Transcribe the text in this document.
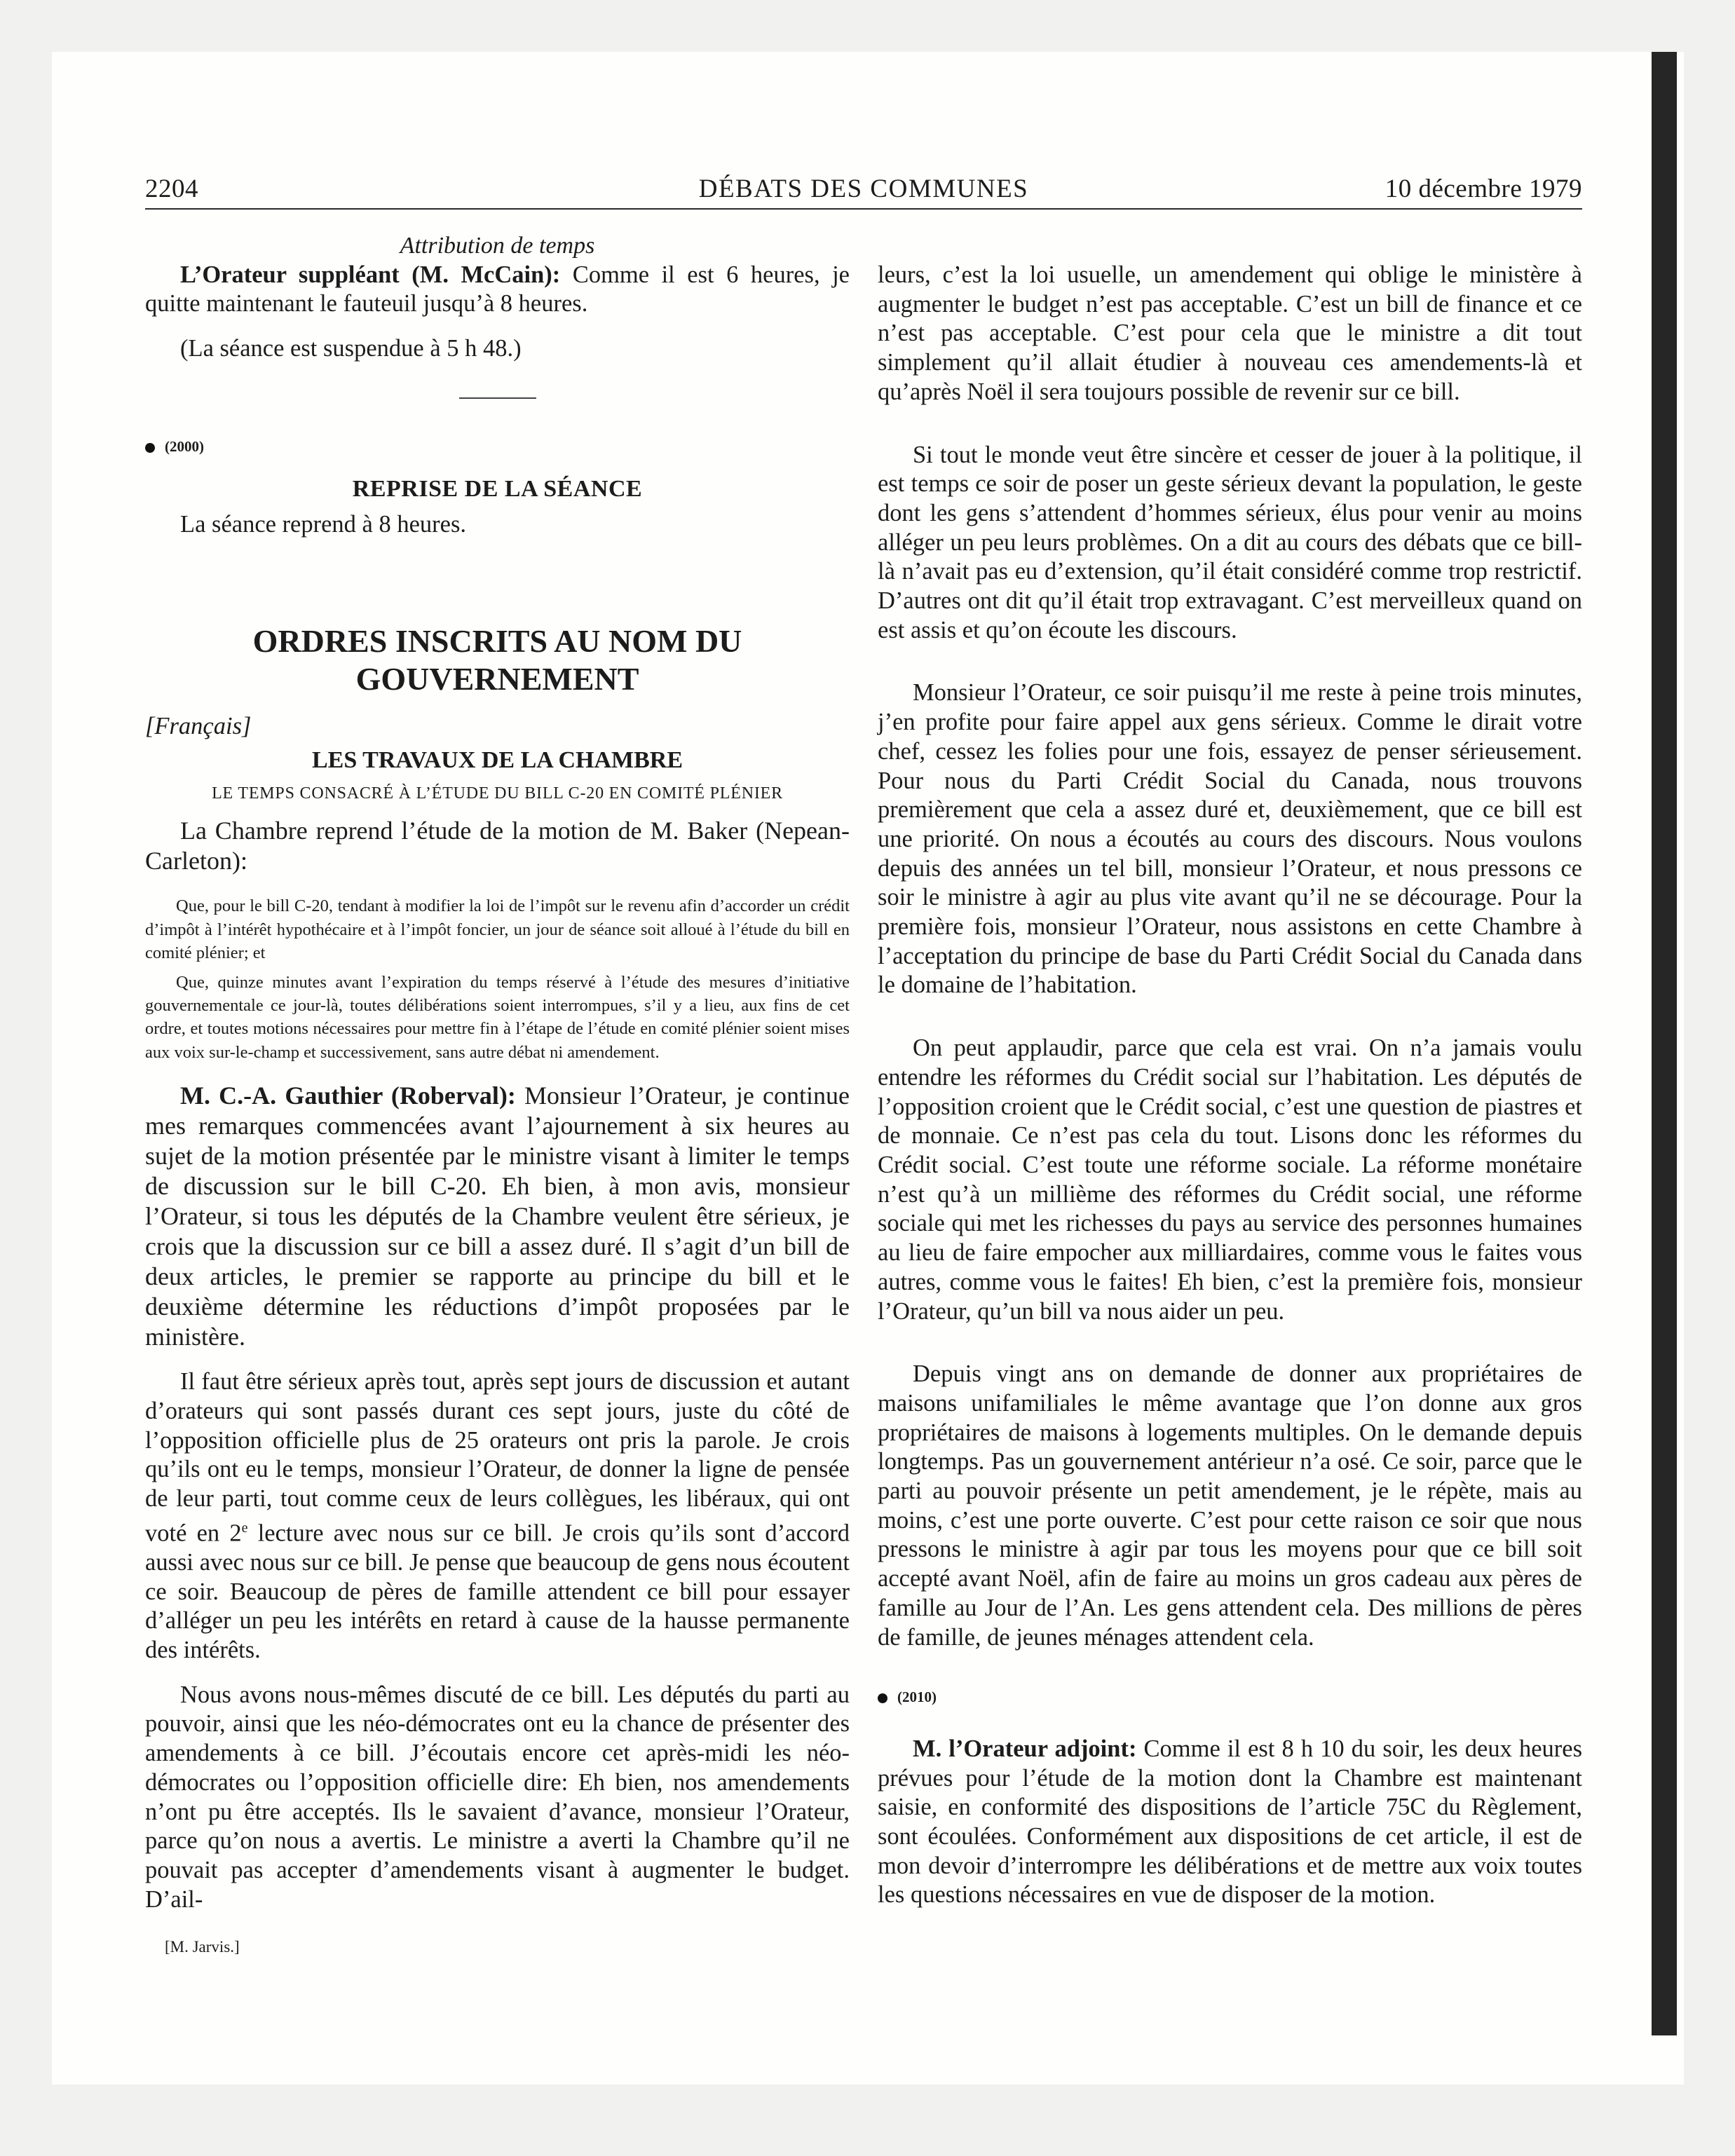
2204	DÉBATS DES COMMUNES	10 décembre 1979

Attribution de temps

L’Orateur suppléant (M. McCain): Comme il est 6 heures, je quitte maintenant le fauteuil jusqu’à 8 heures.

(La séance est suspendue à 5 h 48.)

(2000)

REPRISE DE LA SÉANCE

La séance reprend à 8 heures.

ORDRES INSCRITS AU NOM DU
GOUVERNEMENT

[Français]

LES TRAVAUX DE LA CHAMBRE

LE TEMPS CONSACRÉ À L’ÉTUDE DU BILL C-20 EN COMITÉ PLÉNIER

La Chambre reprend l’étude de la motion de M. Baker (Nepean-Carleton):

Que, pour le bill C-20, tendant à modifier la loi de l’impôt sur le revenu afin d’accorder un crédit d’impôt à l’intérêt hypothécaire et à l’impôt foncier, un jour de séance soit alloué à l’étude du bill en comité plénier; et

Que, quinze minutes avant l’expiration du temps réservé à l’étude des mesures d’initiative gouvernementale ce jour-là, toutes délibérations soient interrompues, s’il y a lieu, aux fins de cet ordre, et toutes motions nécessaires pour mettre fin à l’étape de l’étude en comité plénier soient mises aux voix sur-le-champ et successivement, sans autre débat ni amendement.

M. C.-A. Gauthier (Roberval): Monsieur l’Orateur, je continue mes remarques commencées avant l’ajournement à six heures au sujet de la motion présentée par le ministre visant à limiter le temps de discussion sur le bill C-20. Eh bien, à mon avis, monsieur l’Orateur, si tous les députés de la Chambre veulent être sérieux, je crois que la discussion sur ce bill a assez duré. Il s’agit d’un bill de deux articles, le premier se rapporte au principe du bill et le deuxième détermine les réductions d’impôt proposées par le ministère.

Il faut être sérieux après tout, après sept jours de discussion et autant d’orateurs qui sont passés durant ces sept jours, juste du côté de l’opposition officielle plus de 25 orateurs ont pris la parole. Je crois qu’ils ont eu le temps, monsieur l’Orateur, de donner la ligne de pensée de leur parti, tout comme ceux de leurs collègues, les libéraux, qui ont voté en 2e lecture avec nous sur ce bill. Je crois qu’ils sont d’accord aussi avec nous sur ce bill. Je pense que beaucoup de gens nous écoutent ce soir. Beaucoup de pères de famille attendent ce bill pour essayer d’alléger un peu les intérêts en retard à cause de la hausse permanente des intérêts.

Nous avons nous-mêmes discuté de ce bill. Les députés du parti au pouvoir, ainsi que les néo-démocrates ont eu la chance de présenter des amendements à ce bill. J’écoutais encore cet après-midi les néo-démocrates ou l’opposition officielle dire: Eh bien, nos amendements n’ont pu être acceptés. Ils le savaient d’avance, monsieur l’Orateur, parce qu’on nous a avertis. Le ministre a averti la Chambre qu’il ne pouvait pas accepter d’amendements visant à augmenter le budget. D’ail-

[M. Jarvis.]

leurs, c’est la loi usuelle, un amendement qui oblige le ministère à augmenter le budget n’est pas acceptable. C’est un bill de finance et ce n’est pas acceptable. C’est pour cela que le ministre a dit tout simplement qu’il allait étudier à nouveau ces amendements-là et qu’après Noël il sera toujours possible de revenir sur ce bill.

Si tout le monde veut être sincère et cesser de jouer à la politique, il est temps ce soir de poser un geste sérieux devant la population, le geste dont les gens s’attendent d’hommes sérieux, élus pour venir au moins alléger un peu leurs problèmes. On a dit au cours des débats que ce bill-là n’avait pas eu d’extension, qu’il était considéré comme trop restrictif. D’autres ont dit qu’il était trop extravagant. C’est merveilleux quand on est assis et qu’on écoute les discours.

Monsieur l’Orateur, ce soir puisqu’il me reste à peine trois minutes, j’en profite pour faire appel aux gens sérieux. Comme le dirait votre chef, cessez les folies pour une fois, essayez de penser sérieusement. Pour nous du Parti Crédit Social du Canada, nous trouvons premièrement que cela a assez duré et, deuxièmement, que ce bill est une priorité. On nous a écoutés au cours des discours. Nous voulons depuis des années un tel bill, monsieur l’Orateur, et nous pressons ce soir le ministre à agir au plus vite avant qu’il ne se décourage. Pour la première fois, monsieur l’Orateur, nous assistons en cette Chambre à l’acceptation du principe de base du Parti Crédit Social du Canada dans le domaine de l’habitation.

On peut applaudir, parce que cela est vrai. On n’a jamais voulu entendre les réformes du Crédit social sur l’habitation. Les députés de l’opposition croient que le Crédit social, c’est une question de piastres et de monnaie. Ce n’est pas cela du tout. Lisons donc les réformes du Crédit social. C’est toute une réforme sociale. La réforme monétaire n’est qu’à un millième des réformes du Crédit social, une réforme sociale qui met les richesses du pays au service des personnes humaines au lieu de faire empocher aux milliardaires, comme vous le faites vous autres, comme vous le faites! Eh bien, c’est la première fois, monsieur l’Orateur, qu’un bill va nous aider un peu.

Depuis vingt ans on demande de donner aux propriétaires de maisons unifamiliales le même avantage que l’on donne aux gros propriétaires de maisons à logements multiples. On le demande depuis longtemps. Pas un gouvernement antérieur n’a osé. Ce soir, parce que le parti au pouvoir présente un petit amendement, je le répète, mais au moins, c’est une porte ouverte. C’est pour cette raison ce soir que nous pressons le ministre à agir par tous les moyens pour que ce bill soit accepté avant Noël, afin de faire au moins un gros cadeau aux pères de famille au Jour de l’An. Les gens attendent cela. Des millions de pères de famille, de jeunes ménages attendent cela.

(2010)

M. l’Orateur adjoint: Comme il est 8 h 10 du soir, les deux heures prévues pour l’étude de la motion dont la Chambre est maintenant saisie, en conformité des dispositions de l’article 75C du Règlement, sont écoulées. Conformément aux dispositions de cet article, il est de mon devoir d’interrompre les délibérations et de mettre aux voix toutes les questions nécessaires en vue de disposer de la motion.
